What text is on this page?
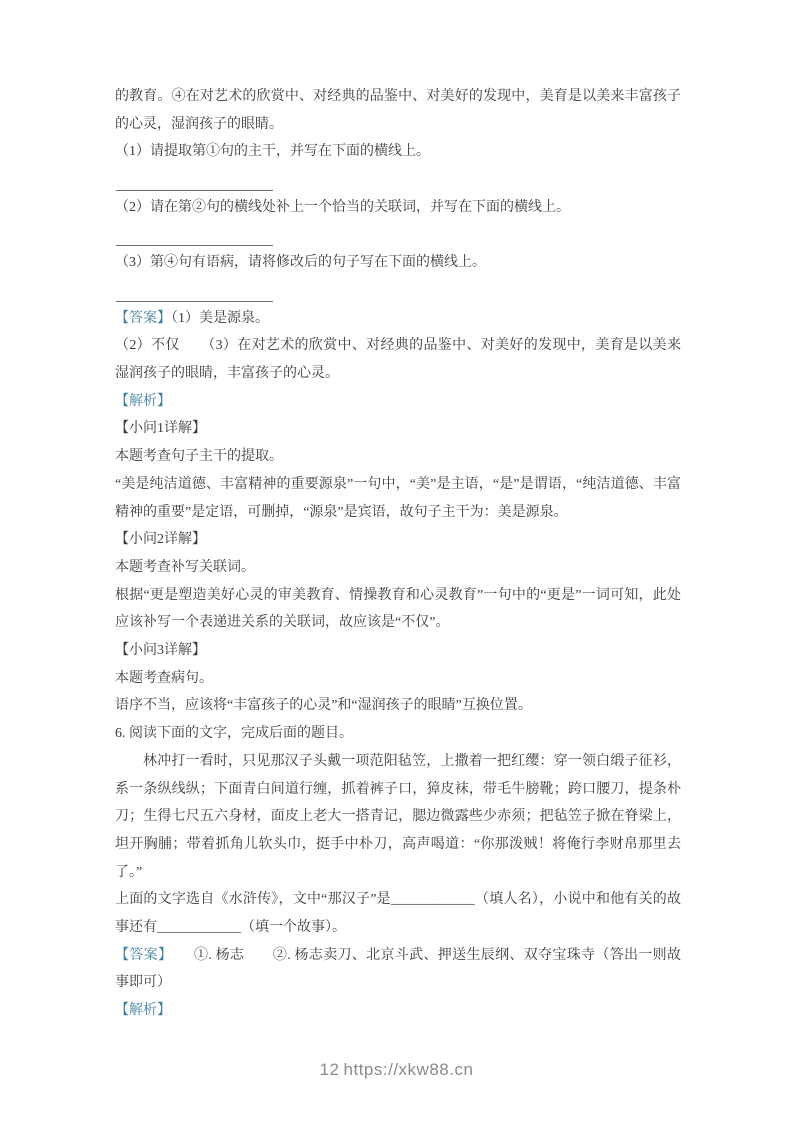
的教育。④在对艺术的欣赏中、对经典的品鉴中、对美好的发现中，美育是以美来丰富孩子的心灵，湿润孩子的眼睛。

（1）请提取第①句的主干，并写在下面的横线上。

（2）请在第②句的横线处补上一个恰当的关联词，并写在下面的横线上。

（3）第④句有语病，请将修改后的句子写在下面的横线上。

【答案】（1）美是源泉。

（2）不仅　　（3）在对艺术的欣赏中、对经典的品鉴中、对美好的发现中，美育是以美来湿润孩子的眼睛，丰富孩子的心灵。

【解析】

【小问1详解】

本题考查句子主干的提取。

“美是纯洁道德、丰富精神的重要源泉”一句中，“美”是主语，“是”是谓语，“纯洁道德、丰富精神的重要”是定语，可删掉，“源泉”是宾语，故句子主干为：美是源泉。

【小问2详解】

本题考查补写关联词。

根据“更是塑造美好心灵的审美教育、情操教育和心灵教育”一句中的“更是”一词可知，此处应该补写一个表递进关系的关联词，故应该是“不仅”。

【小问3详解】

本题考查病句。

语序不当，应该将“丰富孩子的心灵”和“湿润孩子的眼睛”互换位置。

6. 阅读下面的文字，完成后面的题目。

林冲打一看时，只见那汉子头戴一项范阳毡笠，上撒着一把红缨：穿一领白缎子征衫，系一条纵线纵；下面青白间道行缠，抓着裤子口，獐皮袜，带毛牛膀靴；跨口腰刀，提条朴刀；生得七尺五六身材，面皮上老大一搭青记，腮边微露些少赤须；把毡笠子掀在脊梁上，坦开胸脯；带着抓角儿软头巾，挺手中朴刀，高声喝道：“你那泼贼！将俺行李财帛那里去了。”

上面的文字选自《水浒传》，文中“那汉子”是____________（填人名），小说中和他有关的故事还有____________（填一个故事）。

【答案】　　①. 杨志　　②. 杨志卖刀、北京斗武、押送生辰纲、双夺宝珠寺（答出一则故事即可）

【解析】

12 https://xkw88.cn
